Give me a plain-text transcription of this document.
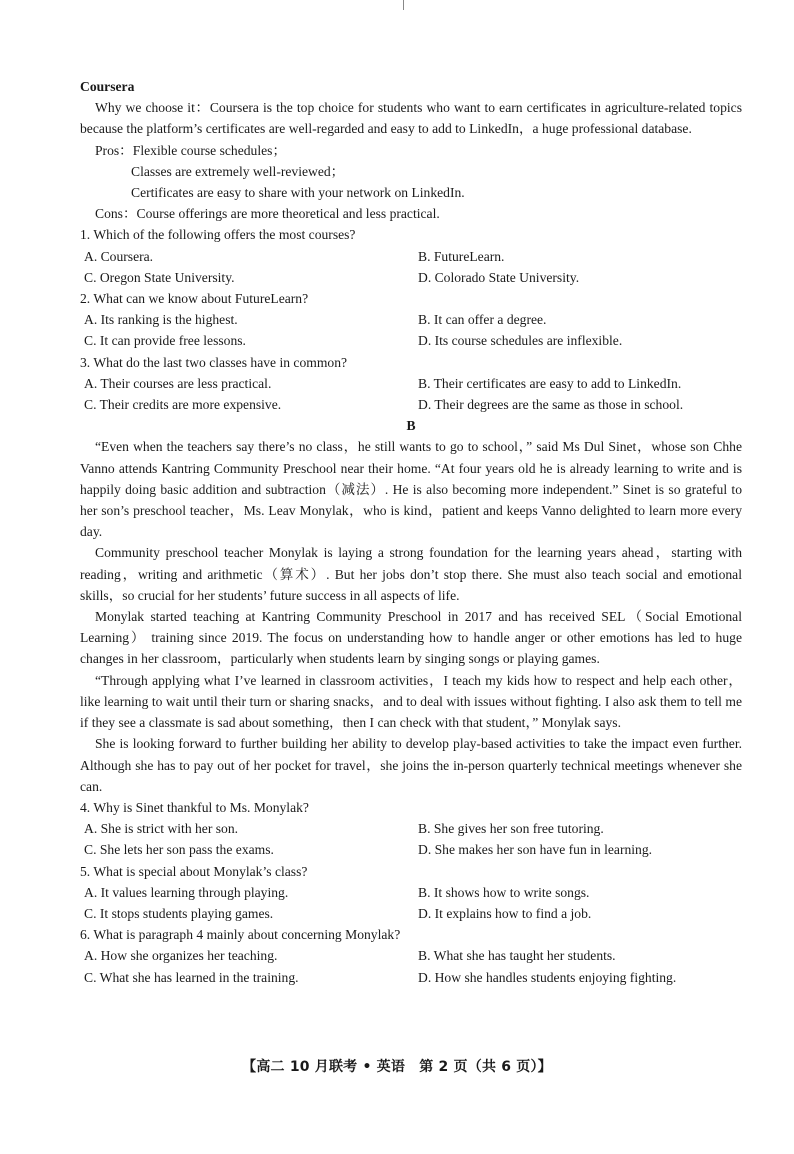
Coursera

Why we choose it：Coursera is the top choice for students who want to earn certificates in agriculture-related topics because the platform’s certificates are well-regarded and easy to add to LinkedIn，a huge professional database.

Pros：Flexible course schedules；

Classes are extremely well-reviewed；

Certificates are easy to share with your network on LinkedIn.

Cons：Course offerings are more theoretical and less practical.

1. Which of the following offers the most courses?

A. Coursera.	B. FutureLearn.
C. Oregon State University.	D. Colorado State University.

2. What can we know about FutureLearn?

A. Its ranking is the highest.	B. It can offer a degree.
C. It can provide free lessons.	D. Its course schedules are inflexible.

3. What do the last two classes have in common?

A. Their courses are less practical.	B. Their certificates are easy to add to LinkedIn.
C. Their credits are more expensive.	D. Their degrees are the same as those in school.

B

“Even when the teachers say there’s no class，he still wants to go to school，” said Ms Dul Sinet，whose son Chhe Vanno attends Kantring Community Preschool near their home. “At four years old he is already learning to write and is happily doing basic addition and subtraction（减法）. He is also becoming more independent.” Sinet is so grateful to her son’s preschool teacher，Ms. Leav Monylak，who is kind，patient and keeps Vanno delighted to learn more every day.

Community preschool teacher Monylak is laying a strong foundation for the learning years ahead，starting with reading，writing and arithmetic（算术）. But her jobs don’t stop there. She must also teach social and emotional skills，so crucial for her students’ future success in all aspects of life.

Monylak started teaching at Kantring Community Preschool in 2017 and has received SEL（Social Emotional Learning） training since 2019. The focus on understanding how to handle anger or other emotions has led to huge changes in her classroom，particularly when students learn by singing songs or playing games.

“Through applying what I’ve learned in classroom activities，I teach my kids how to respect and help each other，like learning to wait until their turn or sharing snacks，and to deal with issues without fighting. I also ask them to tell me if they see a classmate is sad about something，then I can check with that student，” Monylak says.

She is looking forward to further building her ability to develop play-based activities to take the impact even further. Although she has to pay out of her pocket for travel，she joins the in-person quarterly technical meetings whenever she can.

4. Why is Sinet thankful to Ms. Monylak?

A. She is strict with her son.	B. She gives her son free tutoring.
C. She lets her son pass the exams.	D. She makes her son have fun in learning.

5. What is special about Monylak’s class?

A. It values learning through playing.	B. It shows how to write songs.
C. It stops students playing games.	D. It explains how to find a job.

6. What is paragraph 4 mainly about concerning Monylak?

A. How she organizes her teaching.	B. What she has taught her students.
C. What she has learned in the training.	D. How she handles students enjoying fighting.
【高二 10 月联考 • 英语　第 2 页（共 6 页）】
